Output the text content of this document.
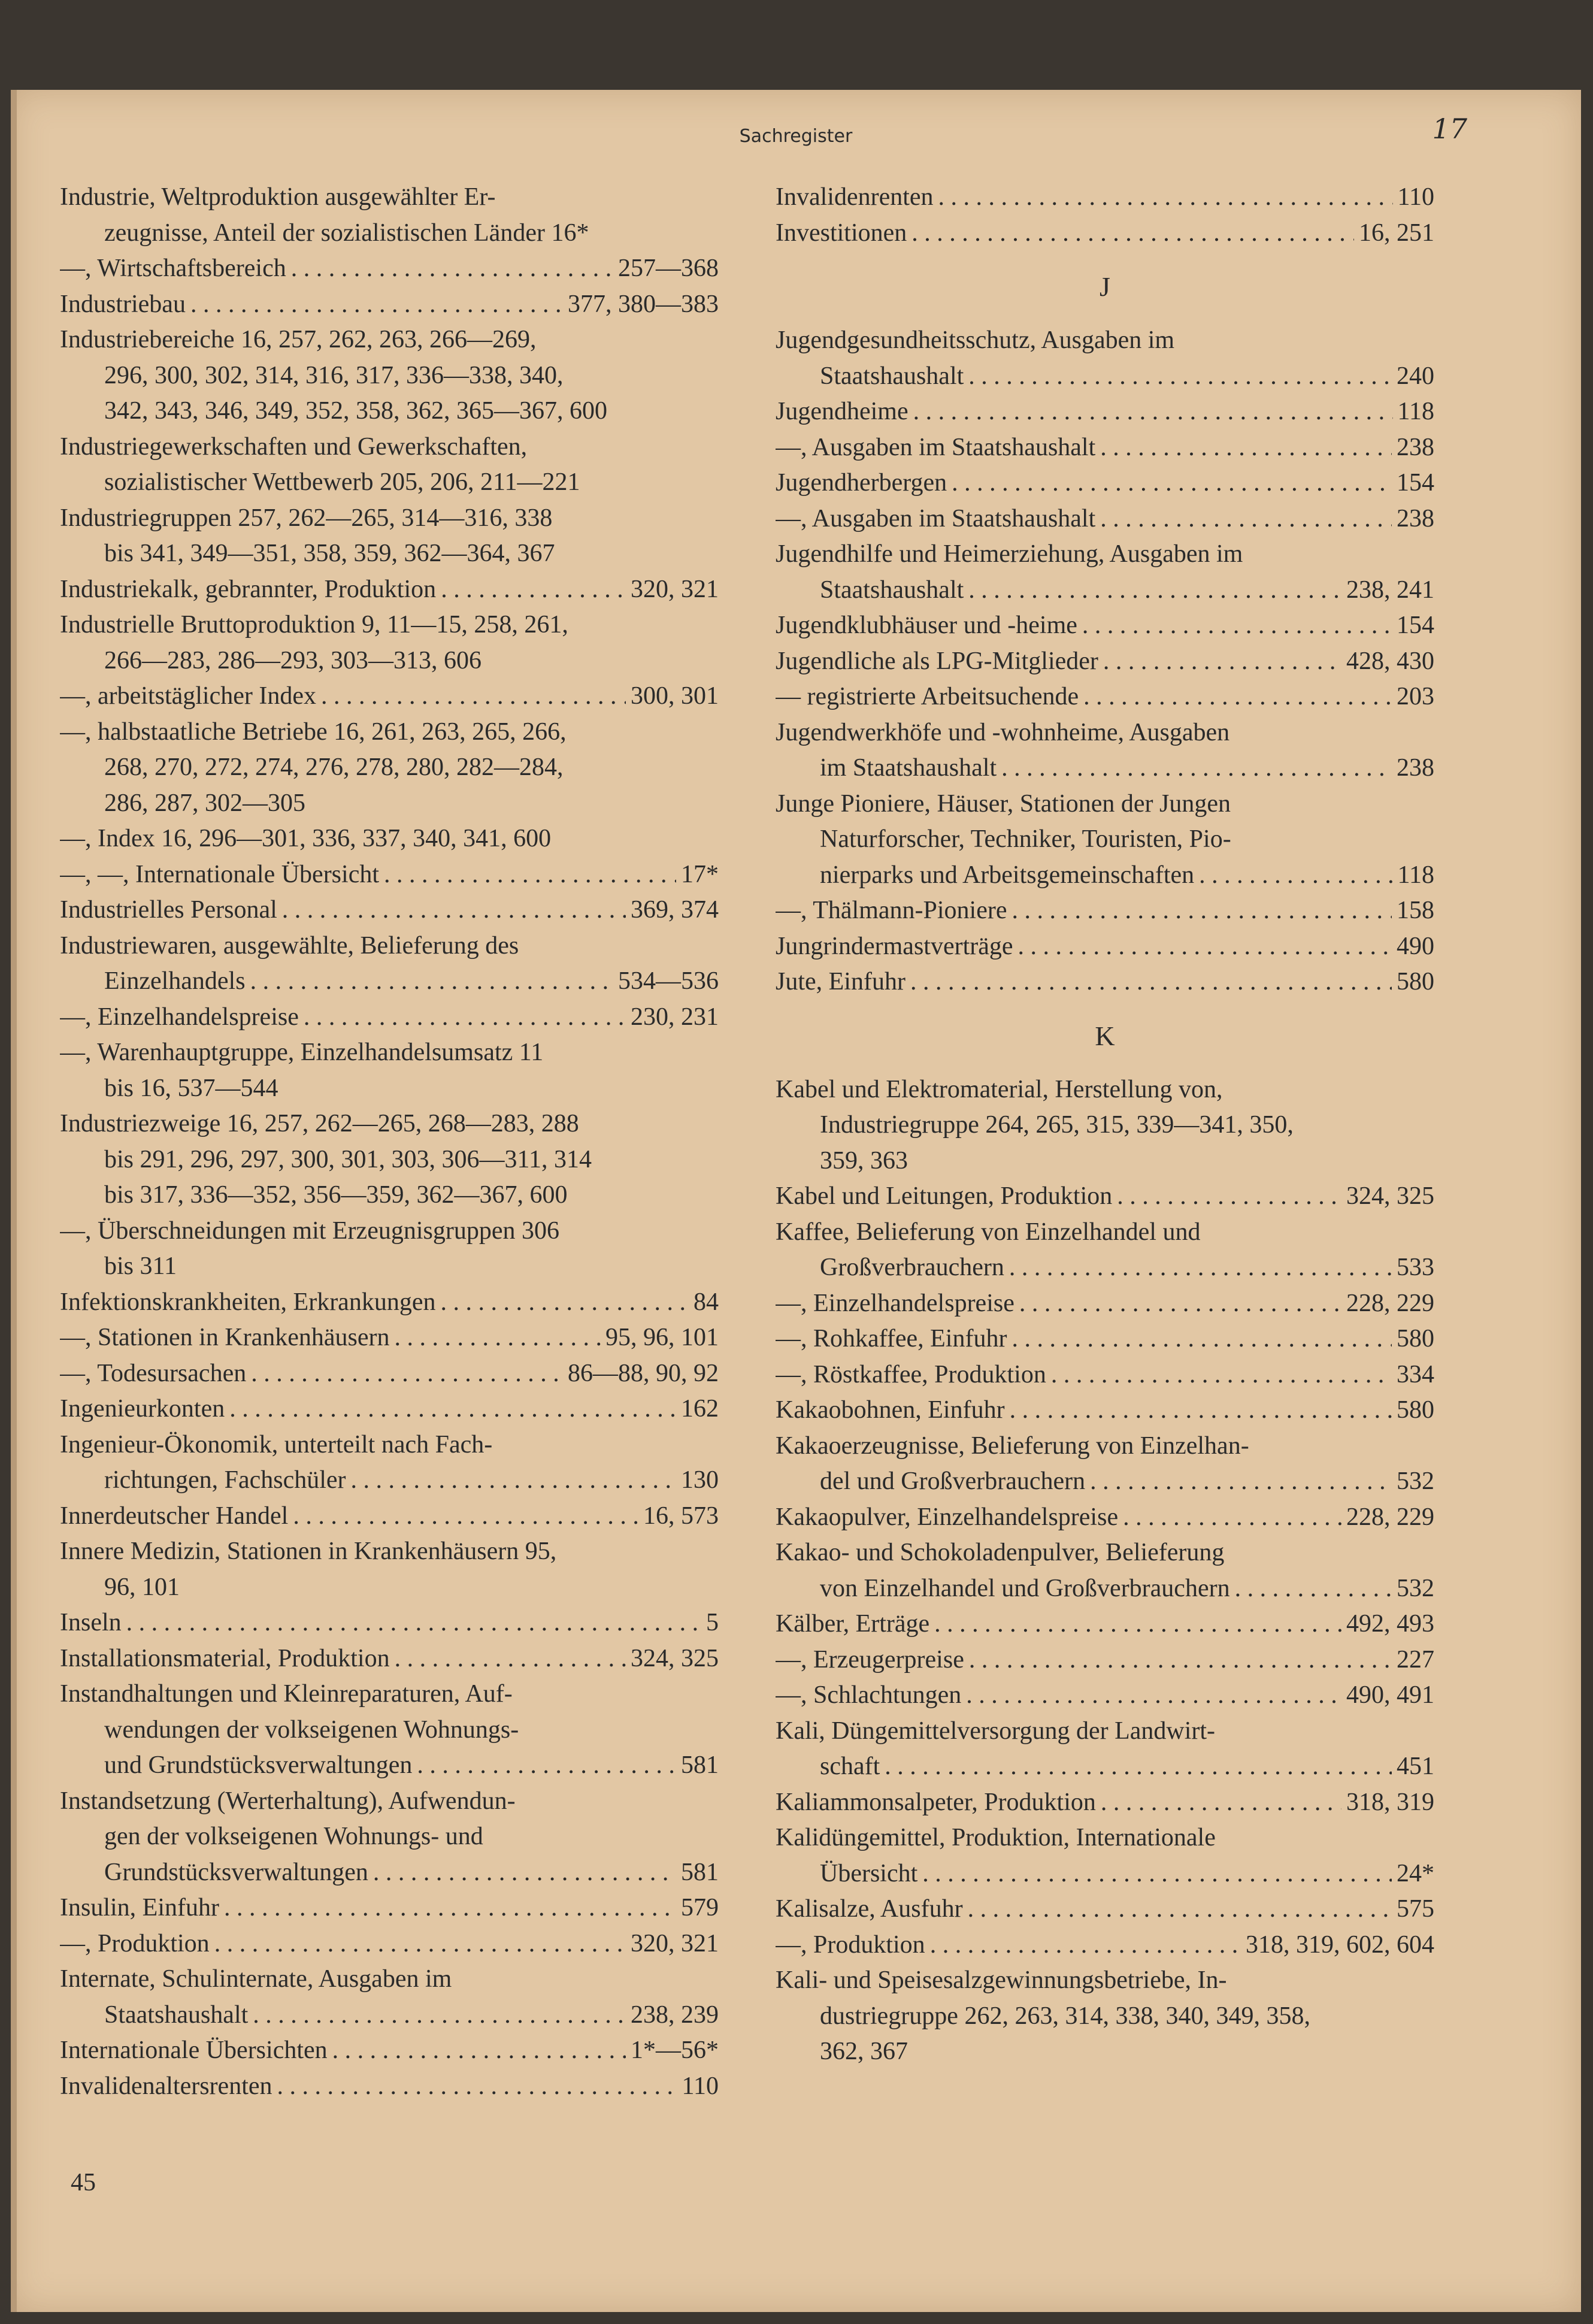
Sachregister	17
Industrie, Weltproduktion ausgewählter Er-
zeugnisse, Anteil der sozialistischen Länder 16*
—, Wirtschaftsbereich . . .	257—368
Industriebau . . .	377, 380—383
Industriebereiche 16, 257, 262, 263, 266—269,
296, 300, 302, 314, 316, 317, 336—338, 340,
342, 343, 346, 349, 352, 358, 362, 365—367, 600
Industriegewerkschaften und Gewerkschaften,
sozialistischer Wettbewerb 205, 206, 211—221
Industriegruppen 257, 262—265, 314—316, 338
bis 341, 349—351, 358, 359, 362—364, 367
Industriekalk, gebrannter, Produktion . . .	320, 321
Industrielle Bruttoproduktion 9, 11—15, 258, 261,
266—283, 286—293, 303—313, 606
—, arbeitstäglicher Index . . .	300, 301
—, halbstaatliche Betriebe 16, 261, 263, 265, 266,
268, 270, 272, 274, 276, 278, 280, 282—284,
286, 287, 302—305
—, Index 16, 296—301, 336, 337, 340, 341, 600
—, —, Internationale Übersicht . . .	17*
Industrielles Personal . . .	369, 374
Industriewaren, ausgewählte, Belieferung des
Einzelhandels . . .	534—536
—, Einzelhandelspreise . . .	230, 231
—, Warenhauptgruppe, Einzelhandelsumsatz 11
bis 16, 537—544
Industriezweige 16, 257, 262—265, 268—283, 288
bis 291, 296, 297, 300, 301, 303, 306—311, 314
bis 317, 336—352, 356—359, 362—367, 600
—, Überschneidungen mit Erzeugnisgruppen 306
bis 311
Infektionskrankheiten, Erkrankungen . . .	84
—, Stationen in Krankenhäusern . . .	95, 96, 101
—, Todesursachen . . .	86—88, 90, 92
Ingenieurkonten . . .	162
Ingenieur-Ökonomik, unterteilt nach Fach-
richtungen, Fachschüler . . .	130
Innerdeutscher Handel . . .	16, 573
Innere Medizin, Stationen in Krankenhäusern 95,
96, 101
Inseln . . .	5
Installationsmaterial, Produktion . . .	324, 325
Instandhaltungen und Kleinreparaturen, Auf-
wendungen der volkseigenen Wohnungs-
und Grundstücksverwaltungen . . .	581
Instandsetzung (Werterhaltung), Aufwendun-
gen der volkseigenen Wohnungs- und
Grundstücksverwaltungen . . .	581
Insulin, Einfuhr . . .	579
—, Produktion . . .	320, 321
Internate, Schulinternate, Ausgaben im
Staatshaushalt . . .	238, 239
Internationale Übersichten . . .	1*—56*
Invalidenaltersrenten . . .	110
Invalidenrenten . . .	110
Investitionen . . .	16, 251
J
Jugendgesundheitsschutz, Ausgaben im
Staatshaushalt . . .	240
Jugendheime . . .	118
—, Ausgaben im Staatshaushalt . . .	238
Jugendherbergen . . .	154
—, Ausgaben im Staatshaushalt . . .	238
Jugendhilfe und Heimerziehung, Ausgaben im
Staatshaushalt . . .	238, 241
Jugendklubhäuser und -heime . . .	154
Jugendliche als LPG-Mitglieder . . .	428, 430
— registrierte Arbeitsuchende . . .	203
Jugendwerkhöfe und -wohnheime, Ausgaben
im Staatshaushalt . . .	238
Junge Pioniere, Häuser, Stationen der Jungen
Naturforscher, Techniker, Touristen, Pio-
nierparks und Arbeitsgemeinschaften . . .	118
—, Thälmann-Pioniere . . .	158
Jungrindermastverträge . . .	490
Jute, Einfuhr . . .	580
K
Kabel und Elektromaterial, Herstellung von,
Industriegruppe 264, 265, 315, 339—341, 350,
359, 363
Kabel und Leitungen, Produktion . . .	324, 325
Kaffee, Belieferung von Einzelhandel und
Großverbrauchern . . .	533
—, Einzelhandelspreise . . .	228, 229
—, Rohkaffee, Einfuhr . . .	580
—, Röstkaffee, Produktion . . .	334
Kakaobohnen, Einfuhr . . .	580
Kakaoerzeugnisse, Belieferung von Einzelhan-
del und Großverbrauchern . . .	532
Kakaopulver, Einzelhandelspreise . . .	228, 229
Kakao- und Schokoladenpulver, Belieferung
von Einzelhandel und Großverbrauchern . . .	532
Kälber, Erträge . . .	492, 493
—, Erzeugerpreise . . .	227
—, Schlachtungen . . .	490, 491
Kali, Düngemittelversorgung der Landwirt-
schaft . . .	451
Kaliammonsalpeter, Produktion . . .	318, 319
Kalidüngemittel, Produktion, Internationale
Übersicht . . .	24*
Kalisalze, Ausfuhr . . .	575
—, Produktion . . .	318, 319, 602, 604
Kali- und Speisesalzgewinnungsbetriebe, In-
dustriegruppe 262, 263, 314, 338, 340, 349, 358,
362, 367
45
